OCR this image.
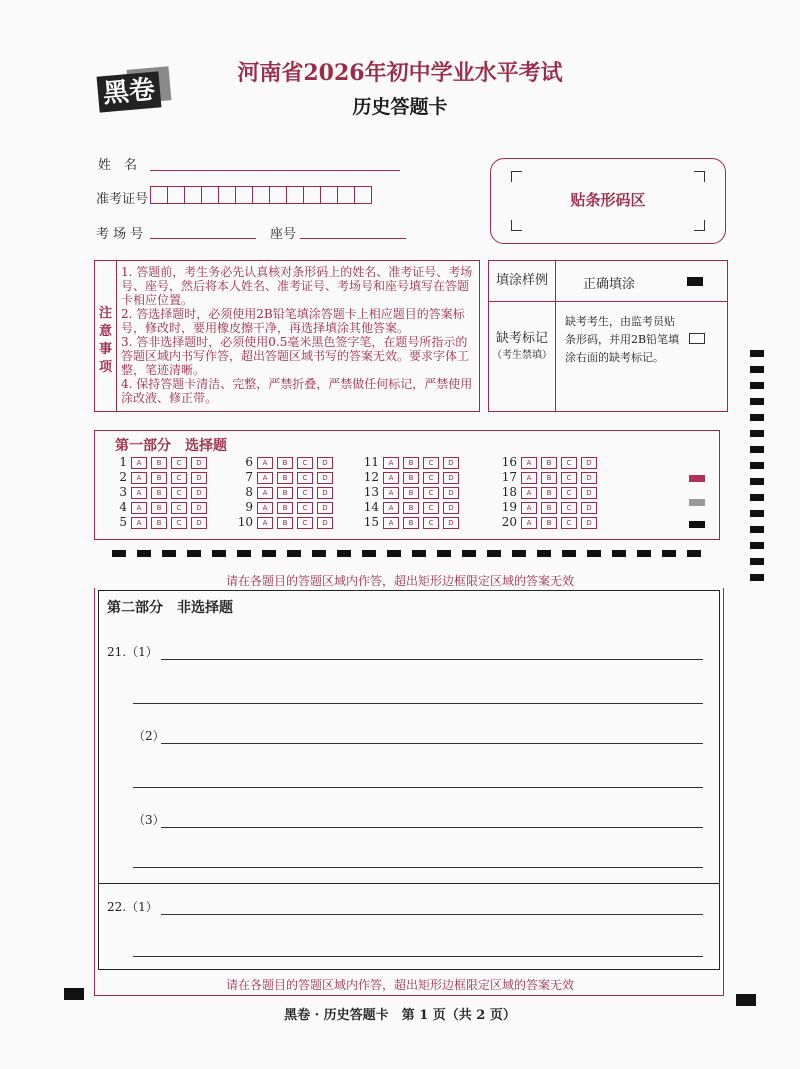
黑卷
河南省2026年初中学业水平考试
历史答题卡
姓　名
准考证号
考 场 号	座号
贴条形码区
注意事项

1. 答题前，考生务必先认真核对条形码上的姓名、准考证号、考场号、座号，然后将本人姓名、准考证号、考场号和座号填写在答题卡相应位置。

2. 答选择题时，必须使用2B铅笔填涂答题卡上相应题目的答案标号，修改时，要用橡皮擦干净，再选择填涂其他答案。

3. 答非选择题时，必须使用0.5毫米黑色签字笔，在题号所指示的答题区域内书写作答，超出答题区域书写的答案无效。要求字体工整，笔迹清晰。

4. 保持答题卡清洁、完整，严禁折叠，严禁做任何标记，严禁使用涂改液、修正带。

填涂样例	正确填涂
缺考标记
（考生禁填）
缺考考生，由监考员贴条形码，并用2B铅笔填涂右面的缺考标记。
第一部分　选择题
1 A B C D
2 A B C D
3 A B C D
4 A B C D
5 A B C D
6 A B C D
7 A B C D
8 A B C D
9 A B C D
10 A B C D
11 A B C D
12 A B C D
13 A B C D
14 A B C D
15 A B C D
16 A B C D
17 A B C D
18 A B C D
19 A B C D
20 A B C D
请在各题目的答题区域内作答，超出矩形边框限定区域的答案无效
第二部分　非选择题
21.（1）
（2）
（3）
22.（1）
请在各题目的答题区域内作答，超出矩形边框限定区域的答案无效
黑卷 · 历史答题卡　第 1 页（共 2 页）
